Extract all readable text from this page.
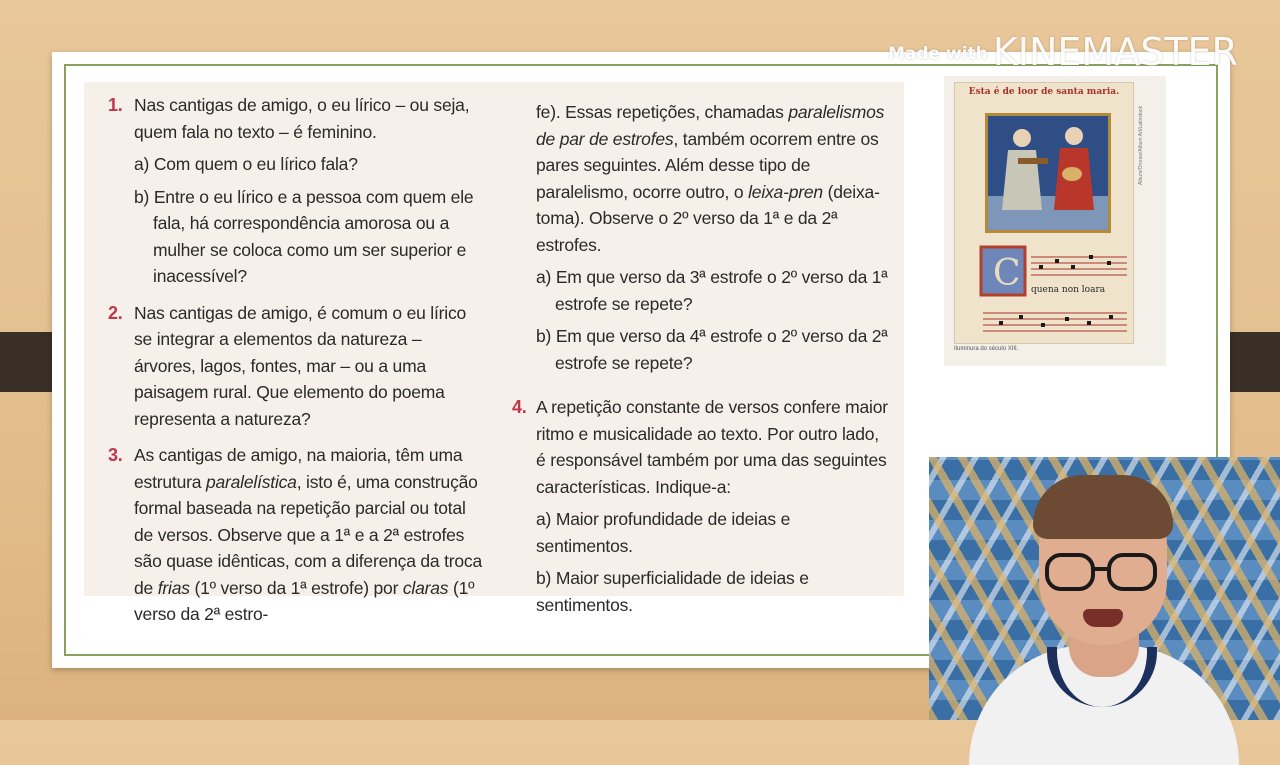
1. Nas cantigas de amigo, o eu lírico – ou seja, quem fala no texto – é feminino.
a) Com quem o eu lírico fala?
b) Entre o eu lírico e a pessoa com quem ele fala, há correspondência amorosa ou a mulher se coloca como um ser superior e inacessível?
2. Nas cantigas de amigo, é comum o eu lírico se integrar a elementos da natureza – árvores, lagos, fontes, mar – ou a uma paisagem rural. Que elemento do poema representa a natureza?
3. As cantigas de amigo, na maioria, têm uma estrutura paralelística, isto é, uma construção formal baseada na repetição parcial ou total de versos. Observe que a 1ª e a 2ª estrofes são quase idênticas, com a diferença da troca de frias (1º verso da 1ª estrofe) por claras (1º verso da 2ª estro-
fe). Essas repetições, chamadas paralelismos de par de estrofes, também ocorrem entre os pares seguintes. Além desse tipo de paralelismo, ocorre outro, o leixa-pren (deixa-toma). Observe o 2º verso da 1ª e da 2ª estrofes.
a) Em que verso da 3ª estrofe o 2º verso da 1ª estrofe se repete?
b) Em que verso da 4ª estrofe o 2º verso da 2ª estrofe se repete?
4. A repetição constante de versos confere maior ritmo e musicalidade ao texto. Por outro lado, é responsável também por uma das seguintes características. Indique-a:
a) Maior profundidade de ideias e sentimentos.
b) Maior superficialidade de ideias e sentimentos.
Esta é de loor de santa maria.
C quena non loara
Album/Oronoz/Album Art/Latinstock
Iluminura do século XIII.
Made with KINEMASTER
